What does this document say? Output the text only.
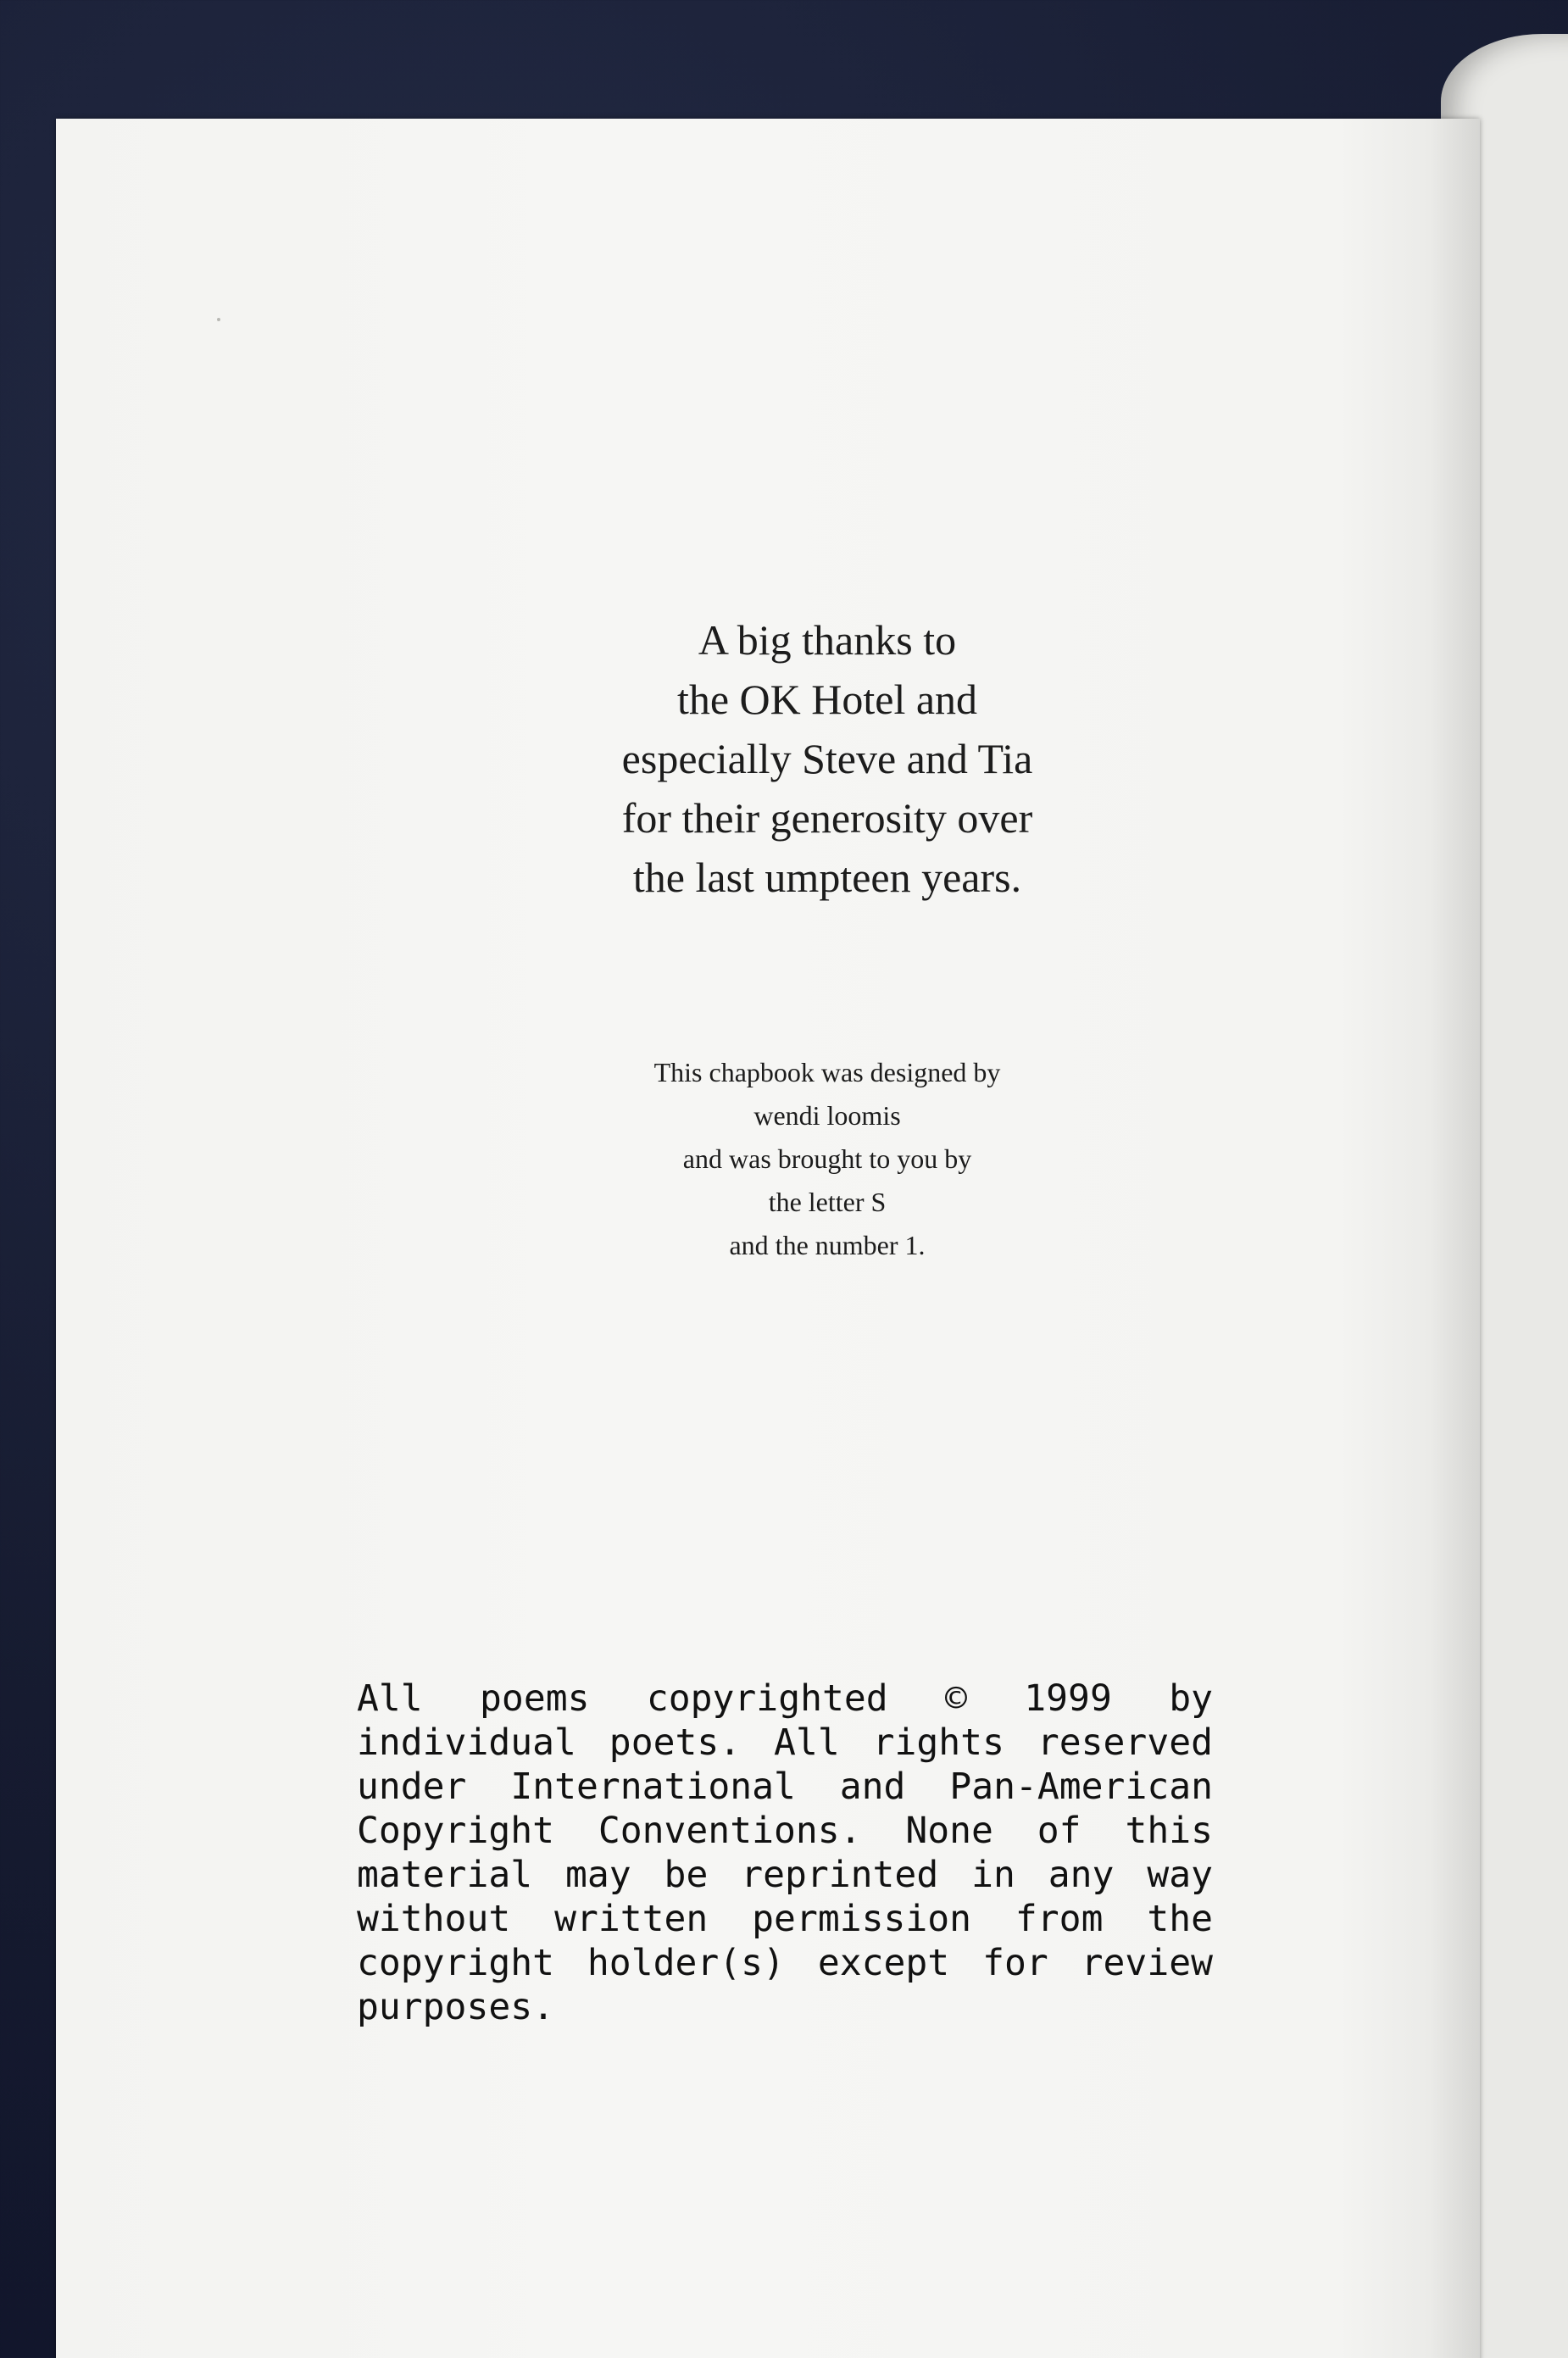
A big thanks to
the OK Hotel and
especially Steve and Tia
for their generosity over
the last umpteen years.
This chapbook was designed by
wendi loomis
and was brought to you by
the letter S
and the number 1.
All poems copyrighted © 1999 by
individual poets. All rights reserved
under International and Pan-American
Copyright Conventions. None of this
material may be reprinted in any way
without written permission from the
copyright holder(s) except for review
purposes.
